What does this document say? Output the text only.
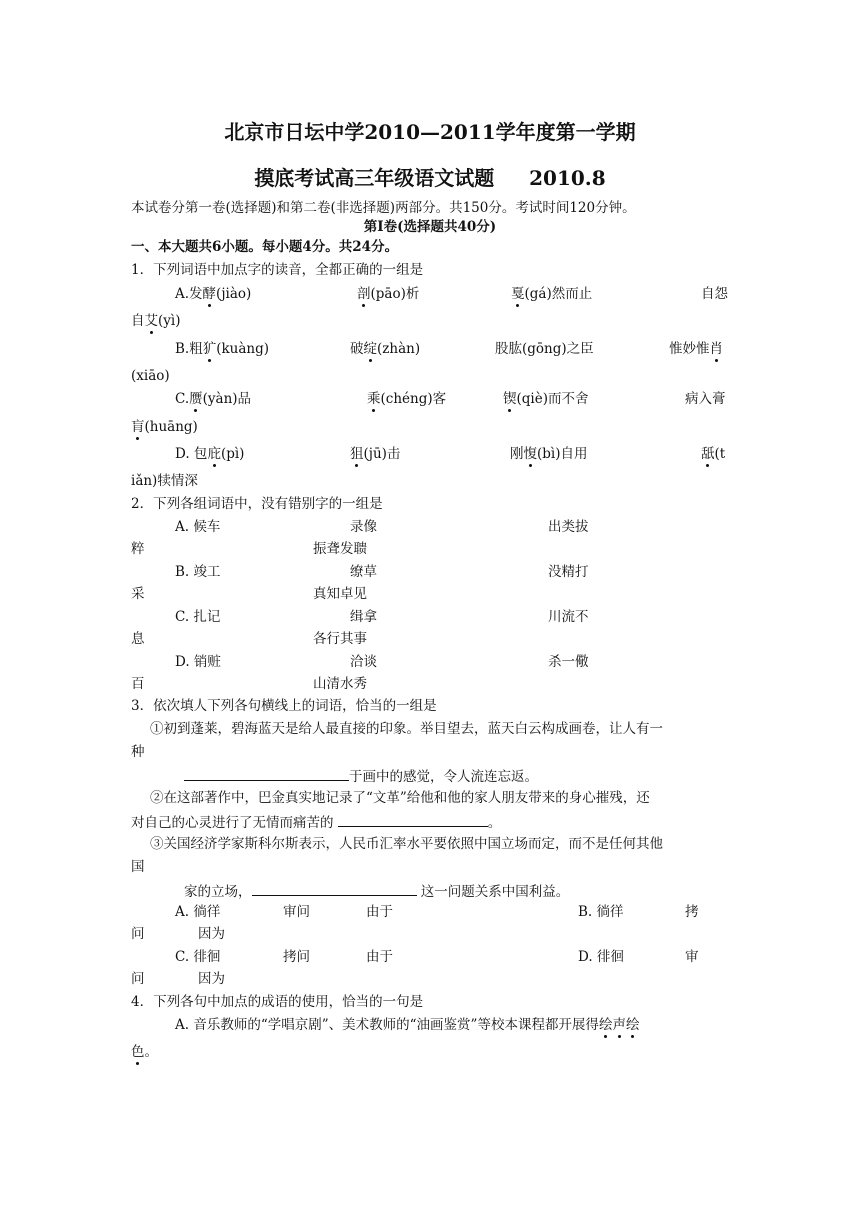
北京市日坛中学2010—2011学年度第一学期
摸底考试高三年级语文试题     2010.8
本试卷分第一卷(选择题)和第二卷(非选择题)两部分。共150分。考试时间120分钟。
第Ⅰ卷(选择题共40分)
一、本大题共6小题。每小题4分。共24分。
1．下列词语中加点字的读音，全都正确的一组是
A.发酵(jiào)	剖(pāo)析	戛(gá)然而止	自怨
自艾(yì)
B.粗犷(kuàng)	破绽(zhàn)	股肱(gōng)之臣	惟妙惟肖
(xiāo)
C.赝(yàn)品	乘(chéng)客	锲(qiè)而不舍	病入膏
肓(huāng)
D. 包庇(pì)	狙(jū)击	刚愎(bì)自用	舐(t
iǎn)犊情深
2．下列各组词语中，没有错别字的一组是
A. 候车	录像	出类拔
粹	振聋发聩
B. 竣工	缭草	没精打
采	真知卓见
C. 扎记	缉拿	川流不
息	各行其事
D. 销赃	洽谈	杀一儆
百	山清水秀
3．依次填人下列各句横线上的词语，恰当的一组是
①初到蓬莱，碧海蓝天是给人最直接的印象。举目望去，蓝天白云构成画卷，让人有一
种
于画中的感觉，令人流连忘返。
②在这部著作中，巴金真实地记录了“文革”给他和他的家人朋友带来的身心摧残，还
对自己的心灵进行了无情而痛苦的	。
③关国经济学家斯科尔斯表示，人民币汇率水平要依照中国立场而定，而不是任何其他
国
家的立场，	这一问题关系中国利益。
A. 徜徉	审问	由于	B. 徜徉	拷
问	因为
C. 徘徊	拷问	由于	D. 徘徊	审
问	因为
4．下列各句中加点的成语的使用，恰当的一句是
A. 音乐教师的“学唱京剧”、美术教师的“油画鉴赏”等校本课程都开展得绘声绘
色。
